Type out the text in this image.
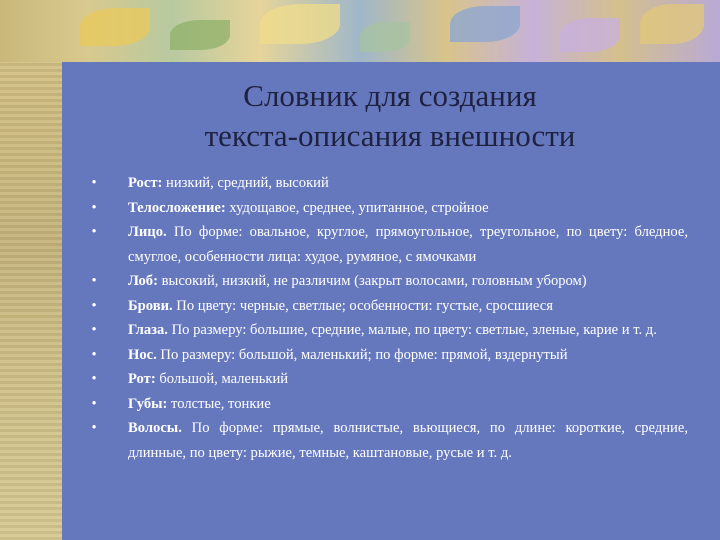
Словник для создания
текста-описания внешности
• Рост: низкий, средний, высокий
• Телосложение: худощавое, среднее, упитанное, стройное
• Лицо. По форме: овальное, круглое, прямоугольное, треугольное, по цвету: бледное, смуглое, особенности лица: худое, румяное, с ямочками
• Лоб: высокий, низкий, не различим (закрыт волосами, головным убором)
• Брови. По цвету: черные, светлые; особенности: густые, сросшиеся
• Глаза. По размеру: большие, средние, малые, по цвету: светлые, зленые, карие и т. д.
• Нос. По размеру: большой, маленький; по форме: прямой, вздернутый
• Рот: большой, маленький
• Губы: толстые, тонкие
• Волосы. По форме: прямые, волнистые, вьющиеся, по длине: короткие, средние, длинные, по цвету: рыжие, темные, каштановые, русые и т. д.
